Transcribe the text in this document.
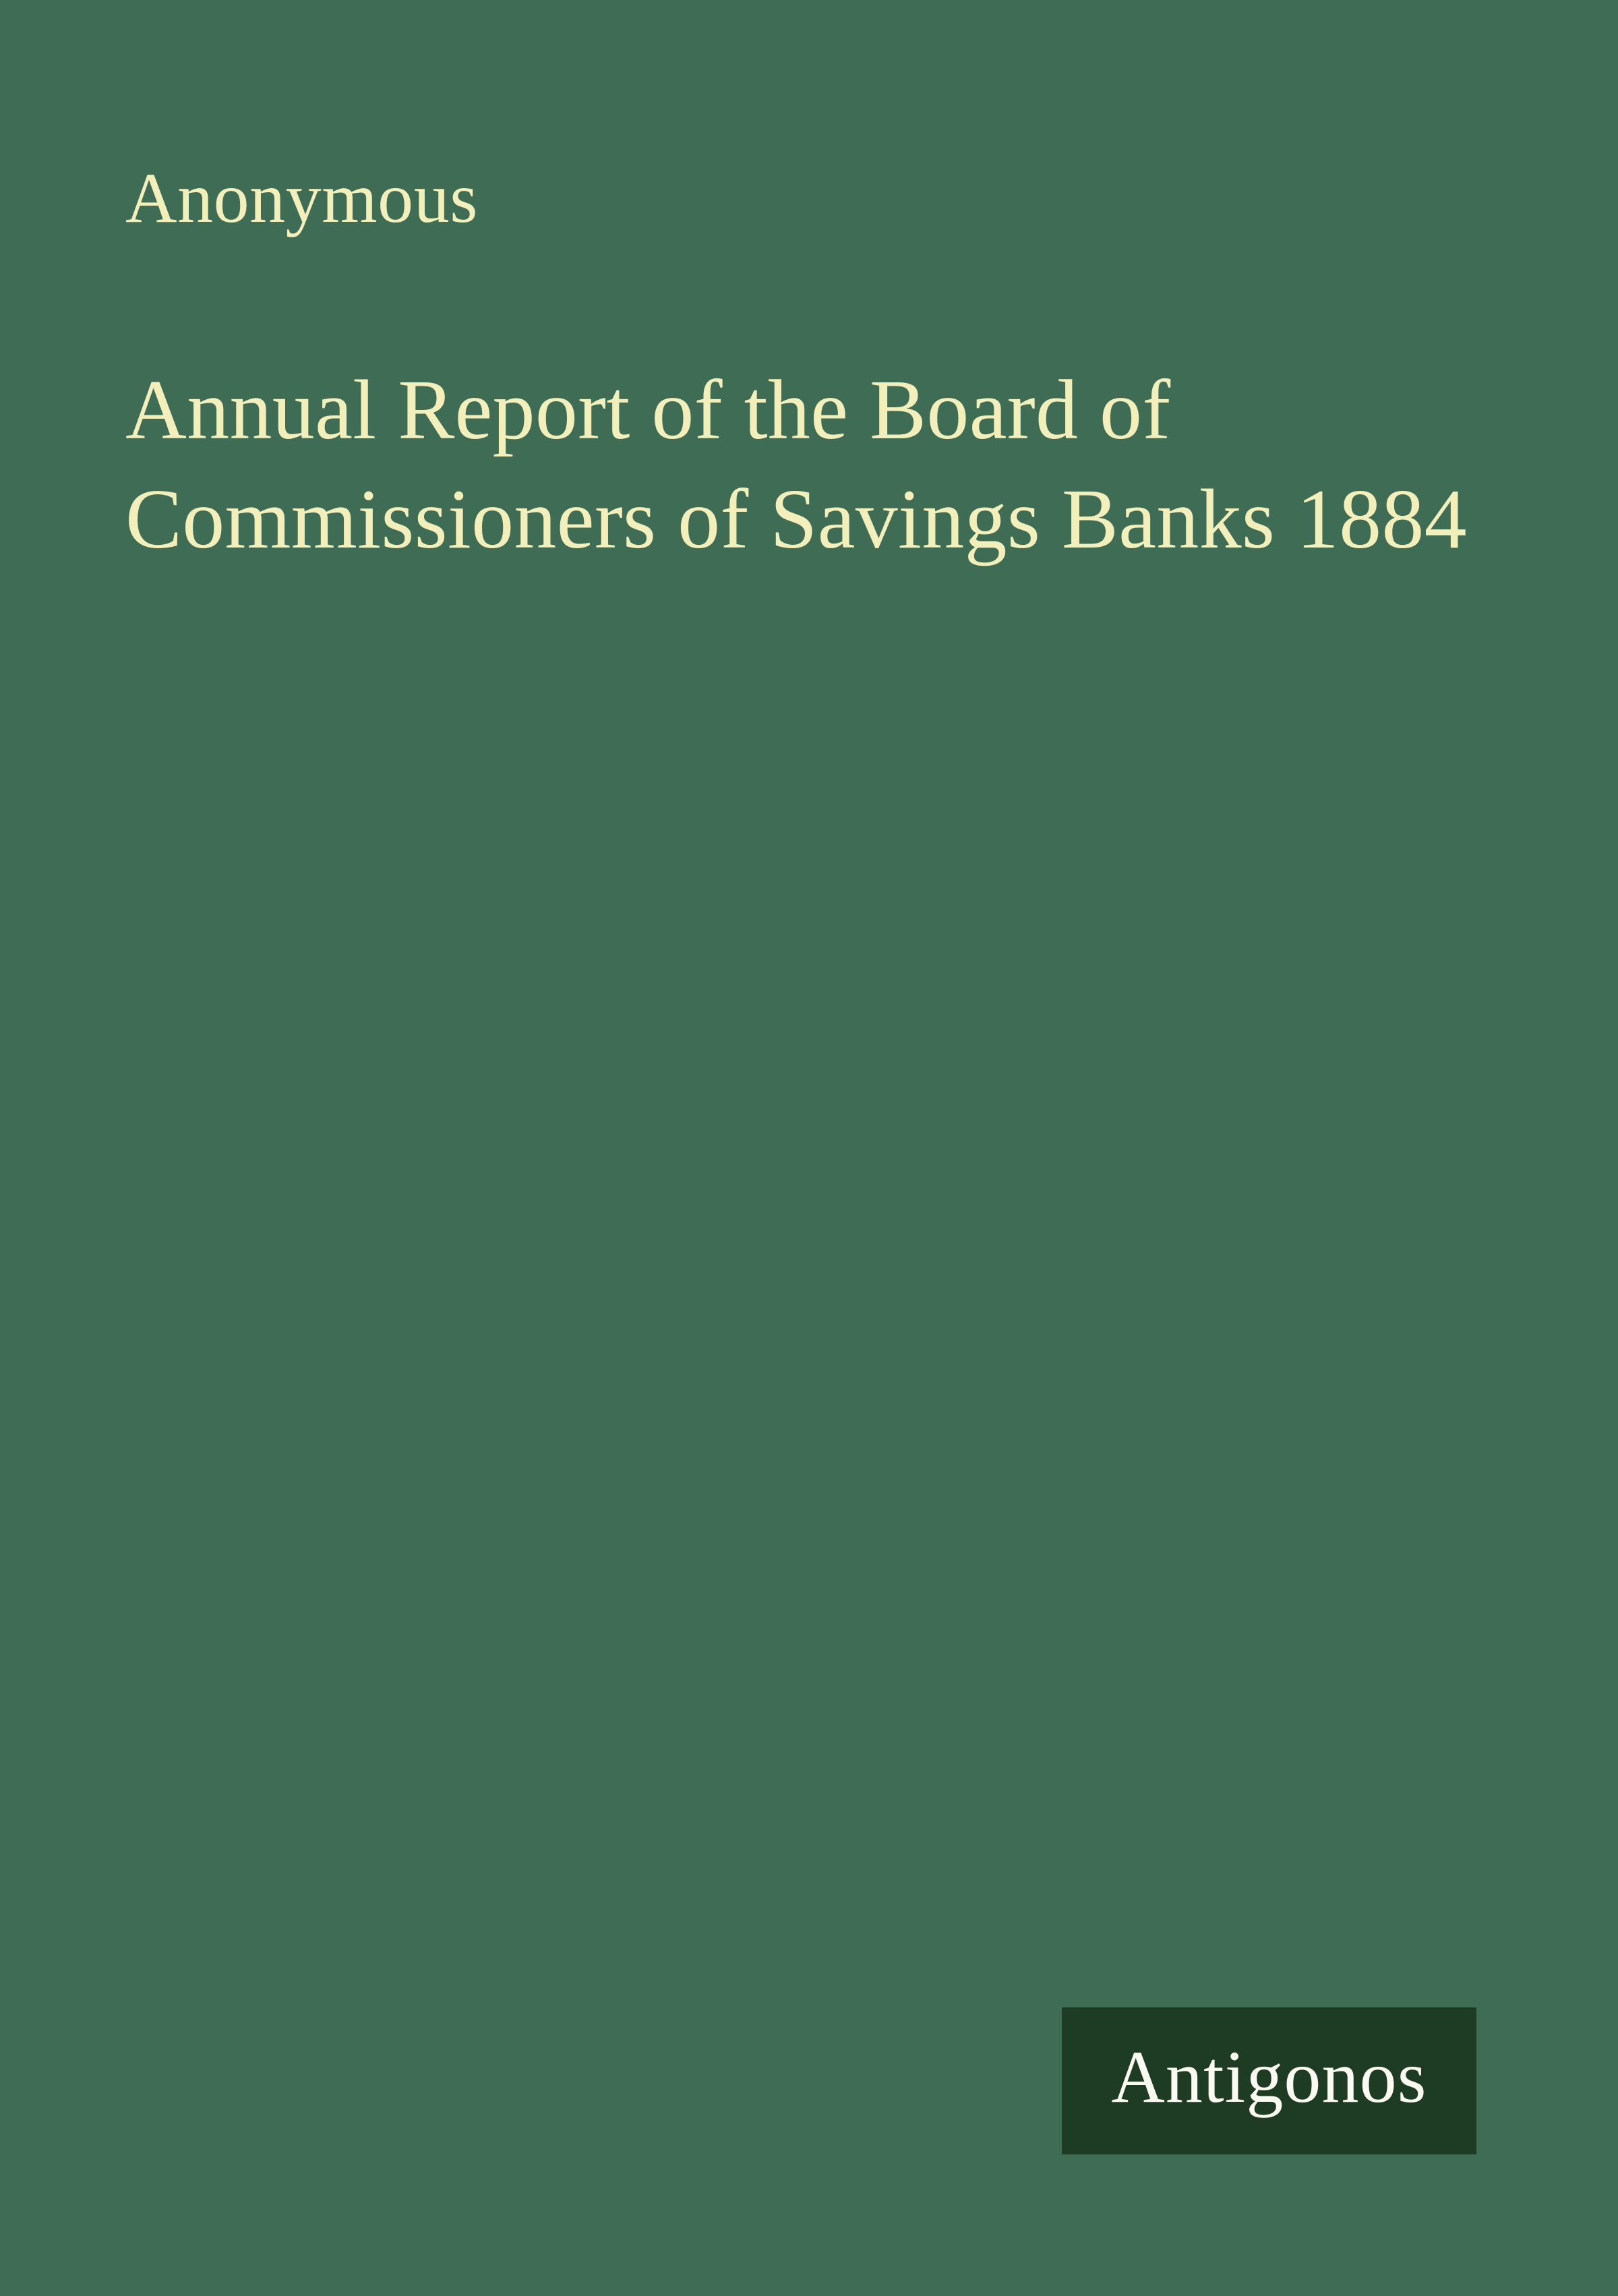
Anonymous
Annual Report of the Board of
Commissioners of Savings Banks 1884
Antigonos
